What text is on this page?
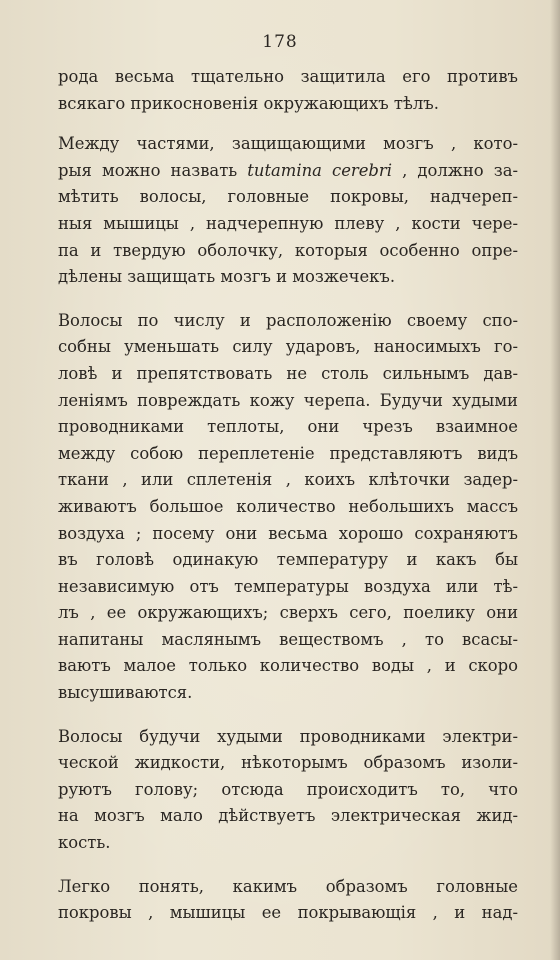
178
рода весьма тщательно защитила его противъ
всякаго прикосновенія окружающихъ тѣлъ.
Между частями, защищающими мозгъ , кото-
рыя можно назвать tutamina cerebri , должно за-
мѣтить волосы, головные покровы, надчереп-
ныя мышицы , надчерепную плеву , кости чере-
па и твердую оболочку, которыя особенно опре-
дѣлены защищать мозгъ и мозжечекъ.
Волосы по числу и расположенію своему спо-
собны уменьшать силу ударовъ, наносимыхъ го-
ловѣ и препятствовать не столь сильнымъ дав-
леніямъ повреждать кожу черепа. Будучи худыми
проводниками теплоты, они чрезъ взаимное
между собою переплетеніе представляютъ видъ
ткани , или сплетенія , коихъ клѣточки задер-
живаютъ большое количество небольшихъ массъ
воздуха ; посему они весьма хорошо сохраняютъ
въ головѣ одинакую температуру и какъ бы
независимую отъ температуры воздуха или тѣ-
лъ , ее окружающихъ; сверхъ сего, поелику они
напитаны маслянымъ веществомъ , то всасы-
ваютъ малое только количество воды , и скоро
высушиваются.
Волосы будучи худыми проводниками электри-
ческой жидкости, нѣкоторымъ образомъ изоли-
руютъ голову; отсюда происходитъ то, что
на мозгъ мало дѣйствуетъ электрическая жид-
кость.
Легко понять, какимъ образомъ головные
покровы , мышицы ее покрывающія , и над-
